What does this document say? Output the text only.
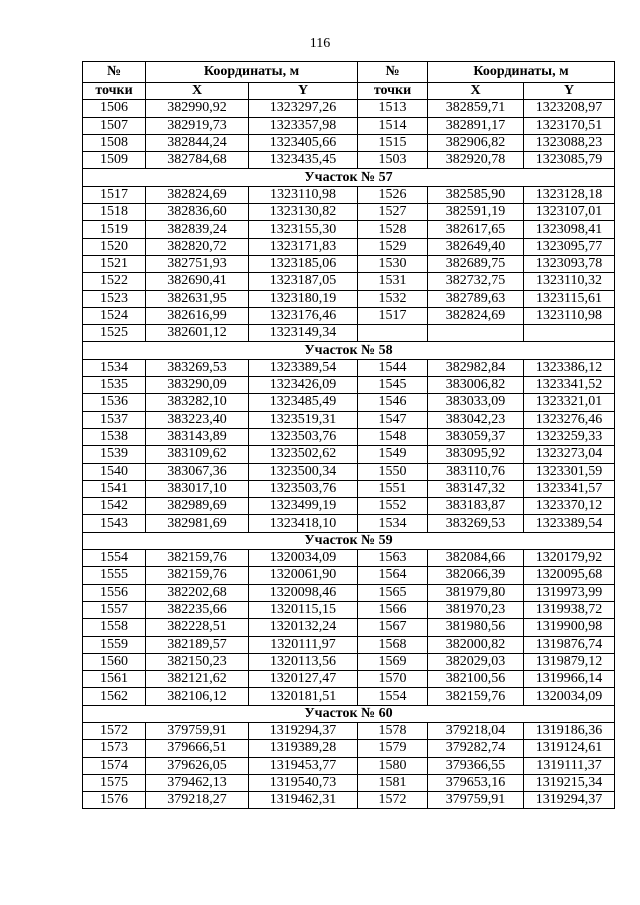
116
№	Координаты, м		№	Координаты, м	
точки	X	Y	точки	X	Y
1506	382990,92	1323297,26	1513	382859,71	1323208,97
1507	382919,73	1323357,98	1514	382891,17	1323170,51
1508	382844,24	1323405,66	1515	382906,82	1323088,23
1509	382784,68	1323435,45	1503	382920,78	1323085,79
Участок № 57					
1517	382824,69	1323110,98	1526	382585,90	1323128,18
1518	382836,60	1323130,82	1527	382591,19	1323107,01
1519	382839,24	1323155,30	1528	382617,65	1323098,41
1520	382820,72	1323171,83	1529	382649,40	1323095,77
1521	382751,93	1323185,06	1530	382689,75	1323093,78
1522	382690,41	1323187,05	1531	382732,75	1323110,32
1523	382631,95	1323180,19	1532	382789,63	1323115,61
1524	382616,99	1323176,46	1517	382824,69	1323110,98
1525	382601,12	1323149,34			
Участок № 58					
1534	383269,53	1323389,54	1544	382982,84	1323386,12
1535	383290,09	1323426,09	1545	383006,82	1323341,52
1536	383282,10	1323485,49	1546	383033,09	1323321,01
1537	383223,40	1323519,31	1547	383042,23	1323276,46
1538	383143,89	1323503,76	1548	383059,37	1323259,33
1539	383109,62	1323502,62	1549	383095,92	1323273,04
1540	383067,36	1323500,34	1550	383110,76	1323301,59
1541	383017,10	1323503,76	1551	383147,32	1323341,57
1542	382989,69	1323499,19	1552	383183,87	1323370,12
1543	382981,69	1323418,10	1534	383269,53	1323389,54
Участок № 59					
1554	382159,76	1320034,09	1563	382084,66	1320179,92
1555	382159,76	1320061,90	1564	382066,39	1320095,68
1556	382202,68	1320098,46	1565	381979,80	1319973,99
1557	382235,66	1320115,15	1566	381970,23	1319938,72
1558	382228,51	1320132,24	1567	381980,56	1319900,98
1559	382189,57	1320111,97	1568	382000,82	1319876,74
1560	382150,23	1320113,56	1569	382029,03	1319879,12
1561	382121,62	1320127,47	1570	382100,56	1319966,14
1562	382106,12	1320181,51	1554	382159,76	1320034,09
Участок № 60					
1572	379759,91	1319294,37	1578	379218,04	1319186,36
1573	379666,51	1319389,28	1579	379282,74	1319124,61
1574	379626,05	1319453,77	1580	379366,55	1319111,37
1575	379462,13	1319540,73	1581	379653,16	1319215,34
1576	379218,27	1319462,31	1572	379759,91	1319294,37
